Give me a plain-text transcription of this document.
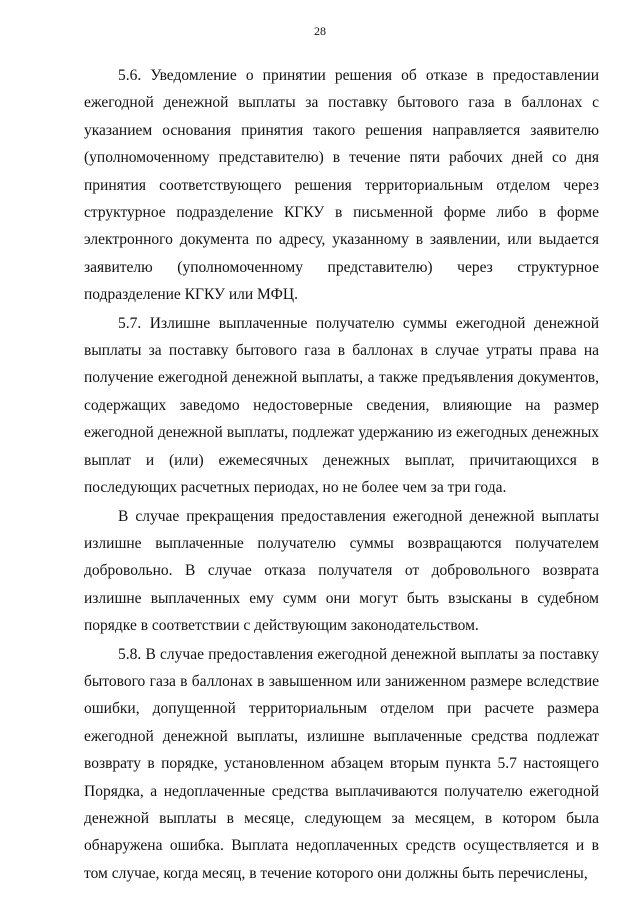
28

5.6. Уведомление о принятии решения об отказе в предоставлении ежегодной денежной выплаты за поставку бытового газа в баллонах с указанием основания принятия такого решения направляется заявителю (уполномоченному представителю) в течение пяти рабочих дней со дня принятия соответствующего решения территориальным отделом через структурное подразделение КГКУ в письменной форме либо в форме электронного документа по адресу, указанному в заявлении, или выдается заявителю (уполномоченному представителю) через структурное подразделение КГКУ или МФЦ.

5.7. Излишне выплаченные получателю суммы ежегодной денежной выплаты за поставку бытового газа в баллонах в случае утраты права на получение ежегодной денежной выплаты, а также предъявления документов, содержащих заведомо недостоверные сведения, влияющие на размер ежегодной денежной выплаты, подлежат удержанию из ежегодных денежных выплат и (или) ежемесячных денежных выплат, причитающихся в последующих расчетных периодах, но не более чем за три года.

В случае прекращения предоставления ежегодной денежной выплаты излишне выплаченные получателю суммы возвращаются получателем добровольно. В случае отказа получателя от добровольного возврата излишне выплаченных ему сумм они могут быть взысканы в судебном порядке в соответствии с действующим законодательством.

5.8. В случае предоставления ежегодной денежной выплаты за поставку бытового газа в баллонах в завышенном или заниженном размере вследствие ошибки, допущенной территориальным отделом при расчете размера ежегодной денежной выплаты, излишне выплаченные средства подлежат возврату в порядке, установленном абзацем вторым пункта 5.7 настоящего Порядка, а недоплаченные средства выплачиваются получателю ежегодной денежной выплаты в месяце, следующем за месяцем, в котором была обнаружена ошибка. Выплата недоплаченных средств осуществляется и в том случае, когда месяц, в течение которого они должны быть перечислены,
